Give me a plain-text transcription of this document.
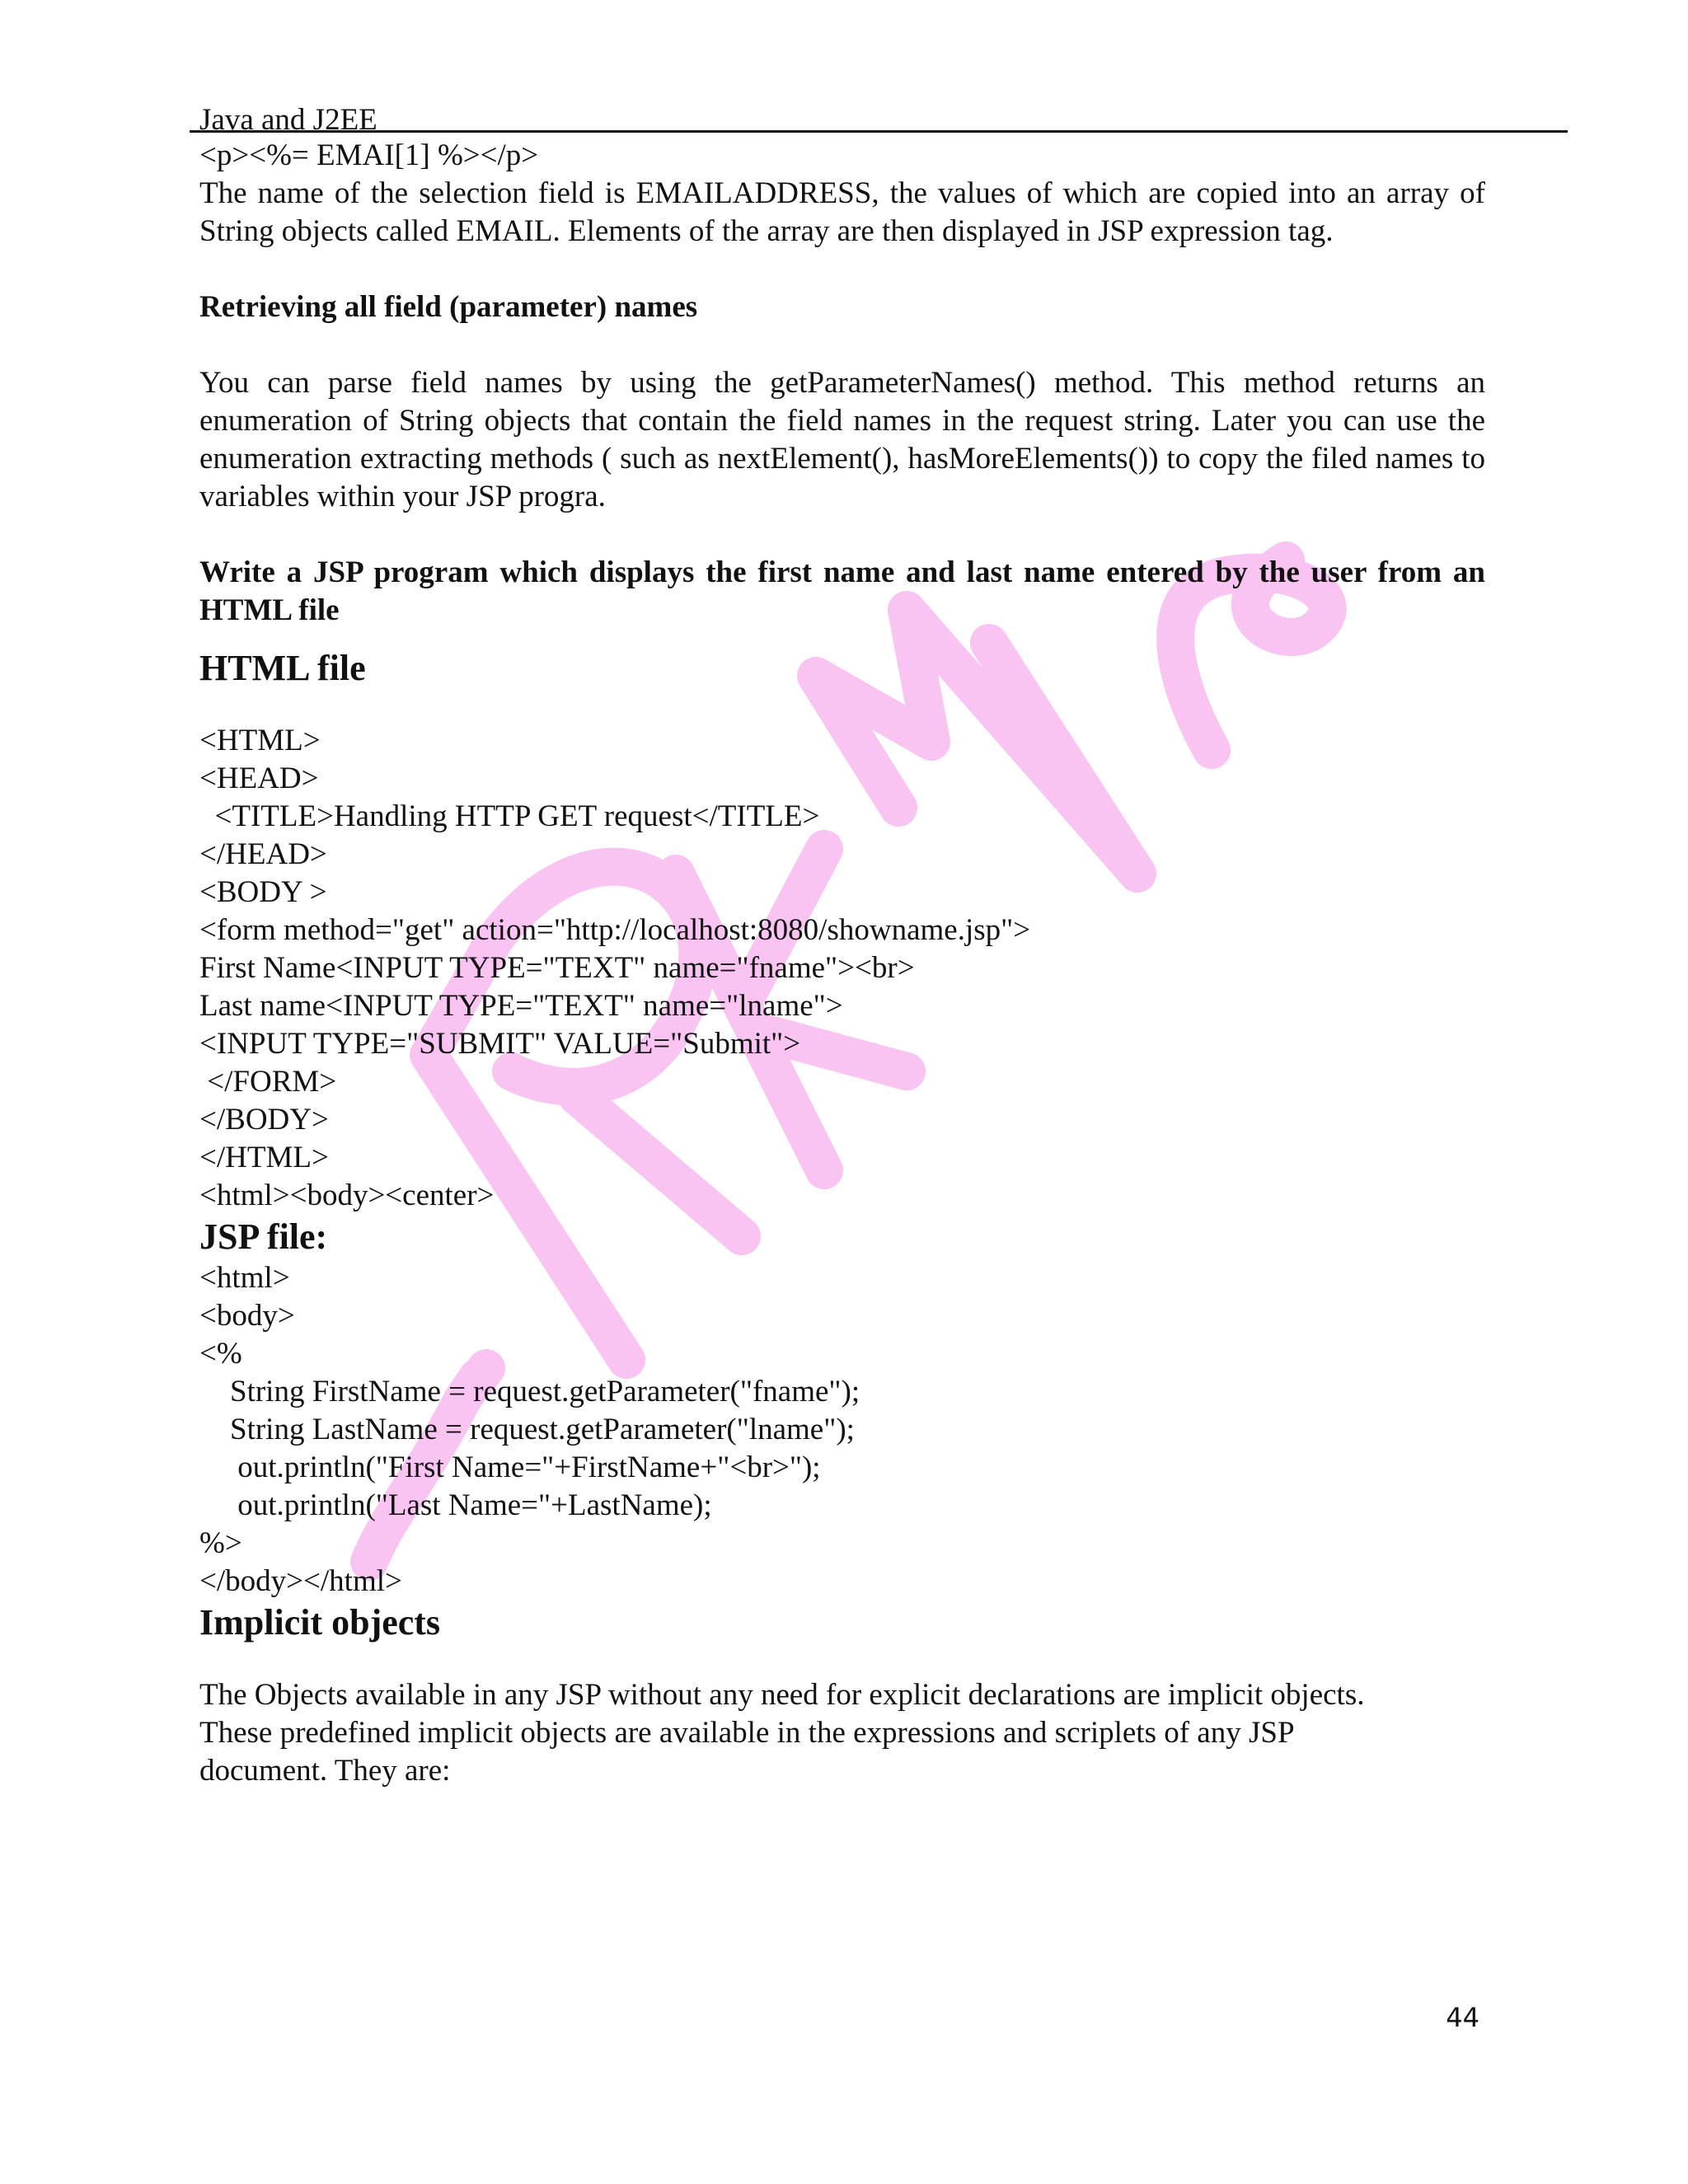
Java and J2EE

<p><%= EMAI[1] %></p>

The name of the selection field is EMAILADDRESS, the values of which are copied into an array of String objects called EMAIL. Elements of the array are then displayed in JSP expression tag.

Retrieving all field (parameter) names

You can parse field names by using the getParameterNames() method. This method returns an enumeration of String objects that contain the field names in the request string. Later you can use the enumeration extracting methods ( such as nextElement(), hasMoreElements()) to copy the filed names to variables within your JSP progra.

Write a JSP program which displays the first name and last name entered by the user from an HTML file

HTML file

<HTML>

<HEAD>

<TITLE>Handling HTTP GET request</TITLE>

</HEAD>

<BODY >

<form method="get" action="http://localhost:8080/showname.jsp">

First Name<INPUT TYPE="TEXT" name="fname"><br>

Last name<INPUT TYPE="TEXT" name="lname">

<INPUT TYPE="SUBMIT" VALUE="Submit">

</FORM>

</BODY>

</HTML>

<html><body><center>

JSP file:

<html>

<body>

<%

String FirstName = request.getParameter("fname");

String LastName = request.getParameter("lname");

out.println("First Name="+FirstName+"<br>");

out.println("Last Name="+LastName);

%>

</body></html>

Implicit objects

The Objects available in any JSP without any need for explicit declarations are implicit objects.

These predefined implicit objects are available in the expressions and scriplets of any JSP

document. They are:

44
